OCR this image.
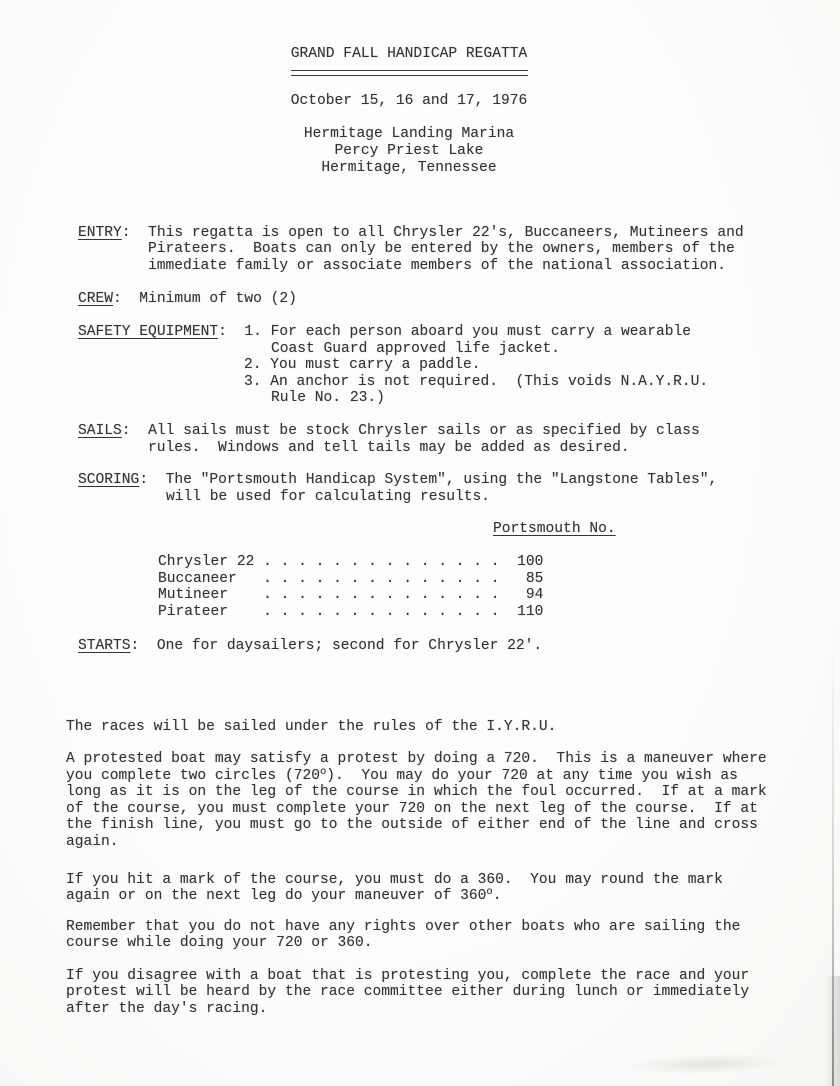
GRAND FALL HANDICAP REGATTA
October 15, 16 and 17, 1976
Hermitage Landing Marina
Percy Priest Lake
Hermitage, Tennessee
ENTRY:  This regatta is open to all Chrysler 22's, Buccaneers, Mutineers and
Pirateers.  Boats can only be entered by the owners, members of the
immediate family or associate members of the national association.
CREW:  Minimum of two (2)
SAFETY EQUIPMENT:  1. For each person aboard you must carry a wearable
Coast Guard approved life jacket.
2. You must carry a paddle.
3. An anchor is not required.  (This voids N.A.Y.R.U.
Rule No. 23.)
SAILS:  All sails must be stock Chrysler sails or as specified by class
rules.  Windows and tell tails may be added as desired.
SCORING:  The "Portsmouth Handicap System", using the "Langstone Tables",
will be used for calculating results.
Portsmouth No.
Chrysler 22 . . . . . . . . . . . . . .  100
Buccaneer   . . . . . . . . . . . . . .   85
Mutineer    . . . . . . . . . . . . . .   94
Pirateer    . . . . . . . . . . . . . .  110
STARTS:  One for daysailers; second for Chrysler 22'.
The races will be sailed under the rules of the I.Y.R.U.
A protested boat may satisfy a protest by doing a 720.  This is a maneuver where
you complete two circles (720$^o$).  You may do your 720 at any time you wish as
long as it is on the leg of the course in which the foul occurred.  If at a mark
of the course, you must complete your 720 on the next leg of the course.  If at
the finish line, you must go to the outside of either end of the line and cross
again.
If you hit a mark of the course, you must do a 360.  You may round the mark
again or on the next leg do your maneuver of 360$^o$.
Remember that you do not have any rights over other boats who are sailing the
course while doing your 720 or 360.
If you disagree with a boat that is protesting you, complete the race and your
protest will be heard by the race committee either during lunch or immediately
after the day's racing.
